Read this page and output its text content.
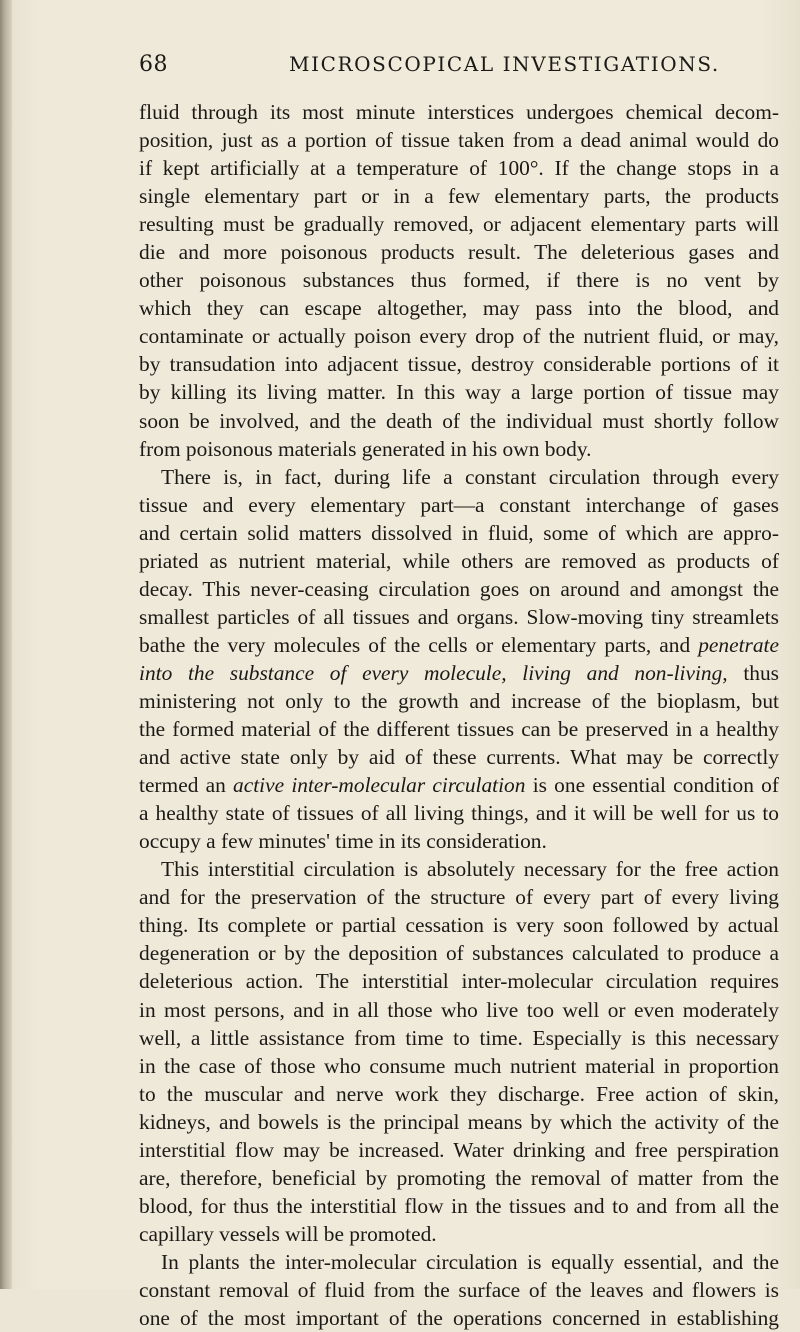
68	MICROSCOPICAL INVESTIGATIONS.
fluid through its most minute interstices undergoes chemical decom-
position, just as a portion of tissue taken from a dead animal would do
if kept artificially at a temperature of 100°. If the change stops in a
single elementary part or in a few elementary parts, the products
resulting must be gradually removed, or adjacent elementary parts will
die and more poisonous products result. The deleterious gases and
other poisonous substances thus formed, if there is no vent by
which they can escape altogether, may pass into the blood, and
contaminate or actually poison every drop of the nutrient fluid, or may,
by transudation into adjacent tissue, destroy considerable portions of it
by killing its living matter. In this way a large portion of tissue may
soon be involved, and the death of the individual must shortly follow
from poisonous materials generated in his own body.
There is, in fact, during life a constant circulation through every
tissue and every elementary part—a constant interchange of gases
and certain solid matters dissolved in fluid, some of which are appro-
priated as nutrient material, while others are removed as products of
decay. This never-ceasing circulation goes on around and amongst the
smallest particles of all tissues and organs. Slow-moving tiny streamlets
bathe the very molecules of the cells or elementary parts, and penetrate
into the substance of every molecule, living and non-living, thus
ministering not only to the growth and increase of the bioplasm, but
the formed material of the different tissues can be preserved in a healthy
and active state only by aid of these currents. What may be correctly
termed an active inter-molecular circulation is one essential condition of
a healthy state of tissues of all living things, and it will be well for us to
occupy a few minutes' time in its consideration.
This interstitial circulation is absolutely necessary for the free action
and for the preservation of the structure of every part of every living
thing. Its complete or partial cessation is very soon followed by actual
degeneration or by the deposition of substances calculated to produce a
deleterious action. The interstitial inter-molecular circulation requires
in most persons, and in all those who live too well or even moderately
well, a little assistance from time to time. Especially is this necessary
in the case of those who consume much nutrient material in proportion
to the muscular and nerve work they discharge. Free action of skin,
kidneys, and bowels is the principal means by which the activity of the
interstitial flow may be increased. Water drinking and free perspiration
are, therefore, beneficial by promoting the removal of matter from the
blood, for thus the interstitial flow in the tissues and to and from all the
capillary vessels will be promoted.
In plants the inter-molecular circulation is equally essential, and the
constant removal of fluid from the surface of the leaves and flowers is
one of the most important of the operations concerned in establishing
